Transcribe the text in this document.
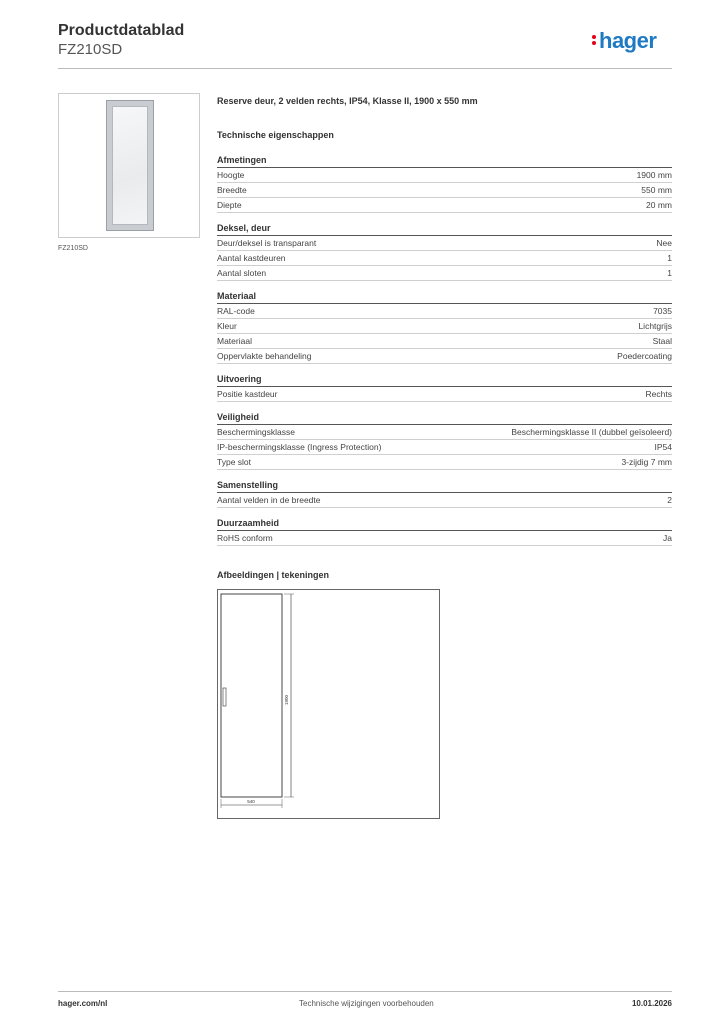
Productdatablad
FZ210SD	hager
FZ210SD
Reserve deur, 2 velden rechts, IP54, Klasse II, 1900 x 550 mm
Technische eigenschappen
Afmetingen
Hoogte	1900 mm
Breedte	550 mm
Diepte	20 mm
Deksel, deur
Deur/deksel is transparant	Nee
Aantal kastdeuren	1
Aantal sloten	1
Materiaal
RAL-code	7035
Kleur	Lichtgrijs
Materiaal	Staal
Oppervlakte behandeling	Poedercoating
Uitvoering
Positie kastdeur	Rechts
Veiligheid
Beschermingsklasse	Beschermingsklasse II (dubbel geïsoleerd)
IP-beschermingsklasse (Ingress Protection)	IP54
Type slot	3-zijdig 7 mm
Samenstelling
Aantal velden in de breedte	2
Duurzaamheid
RoHS conform	Ja
Afbeeldingen | tekeningen
1900
540
hager.com/nl	Technische wijzigingen voorbehouden	10.01.2026
